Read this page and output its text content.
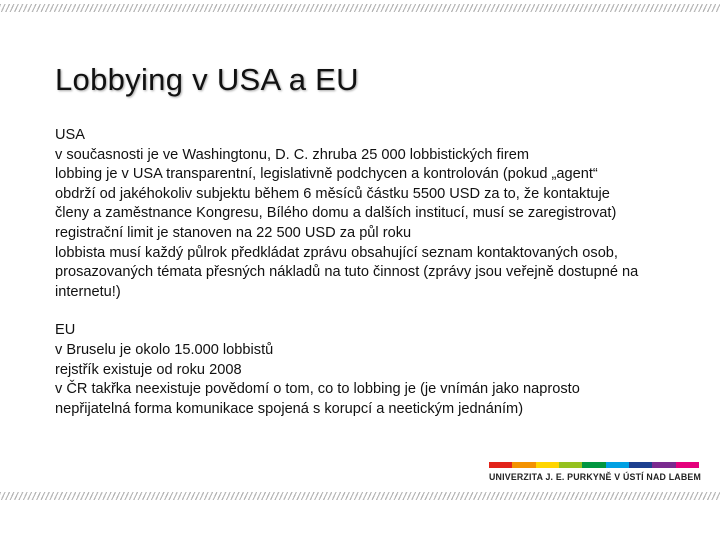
Lobbying v USA a EU
USA
v současnosti je ve Washingtonu, D. C. zhruba 25 000 lobbistických firem
lobbing je v USA transparentní, legislativně podchycen a kontrolován (pokud „agent“
obdrží od jakéhokoliv subjektu během 6 měsíců částku 5500 USD za to, že kontaktuje
členy a zaměstnance Kongresu, Bílého domu a dalších institucí, musí se zaregistrovat)
registrační limit je stanoven na 22 500 USD za půl roku
lobbista musí každý půlrok předkládat zprávu obsahující seznam kontaktovaných osob,
prosazovaných témata přesných nákladů na tuto činnost (zprávy jsou veřejně dostupné na
internetu!)
EU
v Bruselu je okolo 15.000 lobbistů
rejstřík existuje od roku 2008
v ČR takřka neexistuje povědomí o tom, co to lobbing je (je vnímán jako naprosto
nepřijatelná forma komunikace spojená s korupcí a neetickým jednáním)
UNIVERZITA J. E. PURKYNĚ V ÚSTÍ NAD LABEM
